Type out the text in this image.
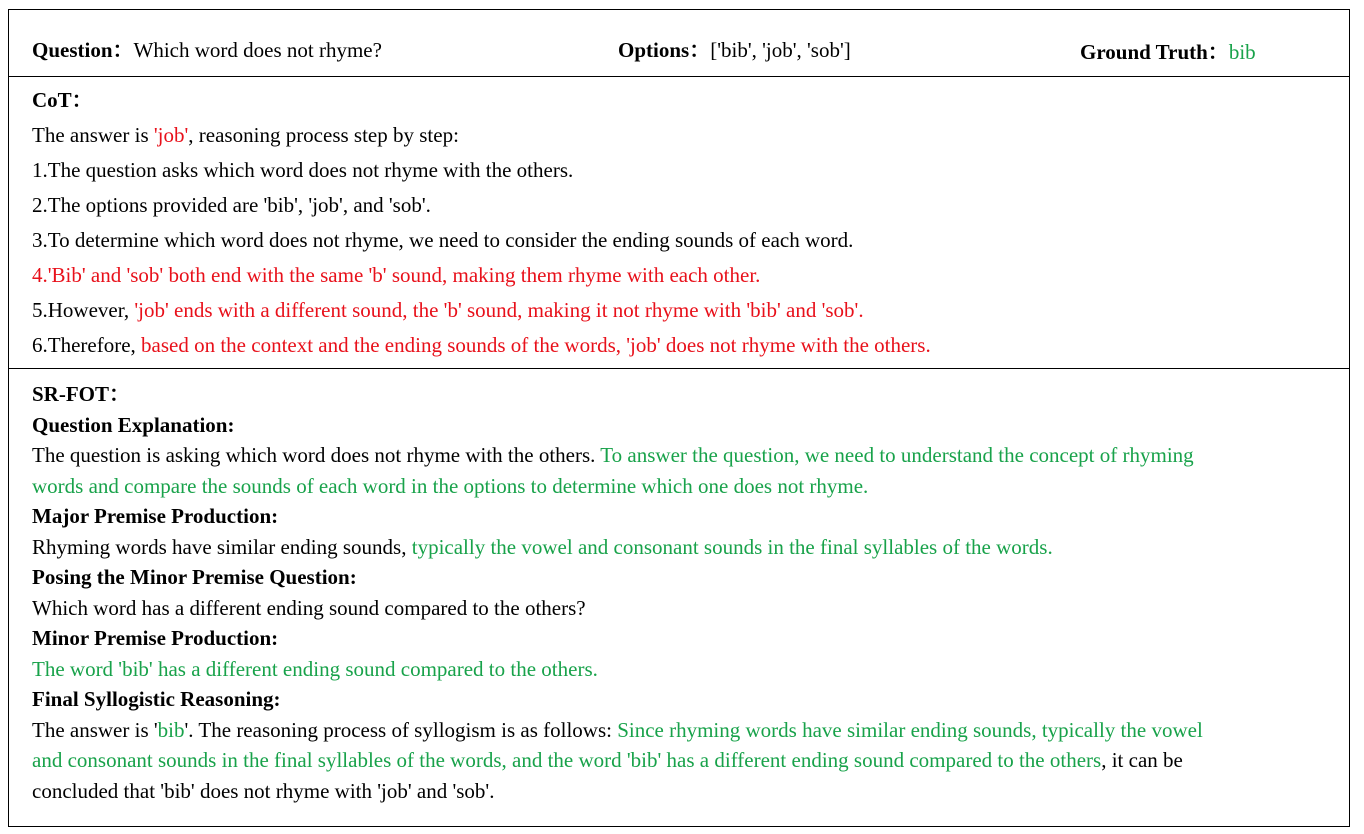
Question：Which word does not rhyme?	Options：['bib', 'job', 'sob']	Ground Truth：bib
CoT：
The answer is 'job', reasoning process step by step:
1.The question asks which word does not rhyme with the others.
2.The options provided are 'bib', 'job', and 'sob'.
3.To determine which word does not rhyme, we need to consider the ending sounds of each word.
4.'Bib' and 'sob' both end with the same 'b' sound, making them rhyme with each other.
5.However, 'job' ends with a different sound, the 'b' sound, making it not rhyme with 'bib' and 'sob'.
6.Therefore, based on the context and the ending sounds of the words, 'job' does not rhyme with the others.
SR-FOT：
Question Explanation:
The question is asking which word does not rhyme with the others. To answer the question, we need to understand the concept of rhyming
words and compare the sounds of each word in the options to determine which one does not rhyme.
Major Premise Production:
Rhyming words have similar ending sounds, typically the vowel and consonant sounds in the final syllables of the words.
Posing the Minor Premise Question:
Which word has a different ending sound compared to the others?
Minor Premise Production:
The word 'bib' has a different ending sound compared to the others.
Final Syllogistic Reasoning:
The answer is 'bib'. The reasoning process of syllogism is as follows: Since rhyming words have similar ending sounds, typically the vowel
and consonant sounds in the final syllables of the words, and the word 'bib' has a different ending sound compared to the others, it can be
concluded that 'bib' does not rhyme with 'job' and 'sob'.
